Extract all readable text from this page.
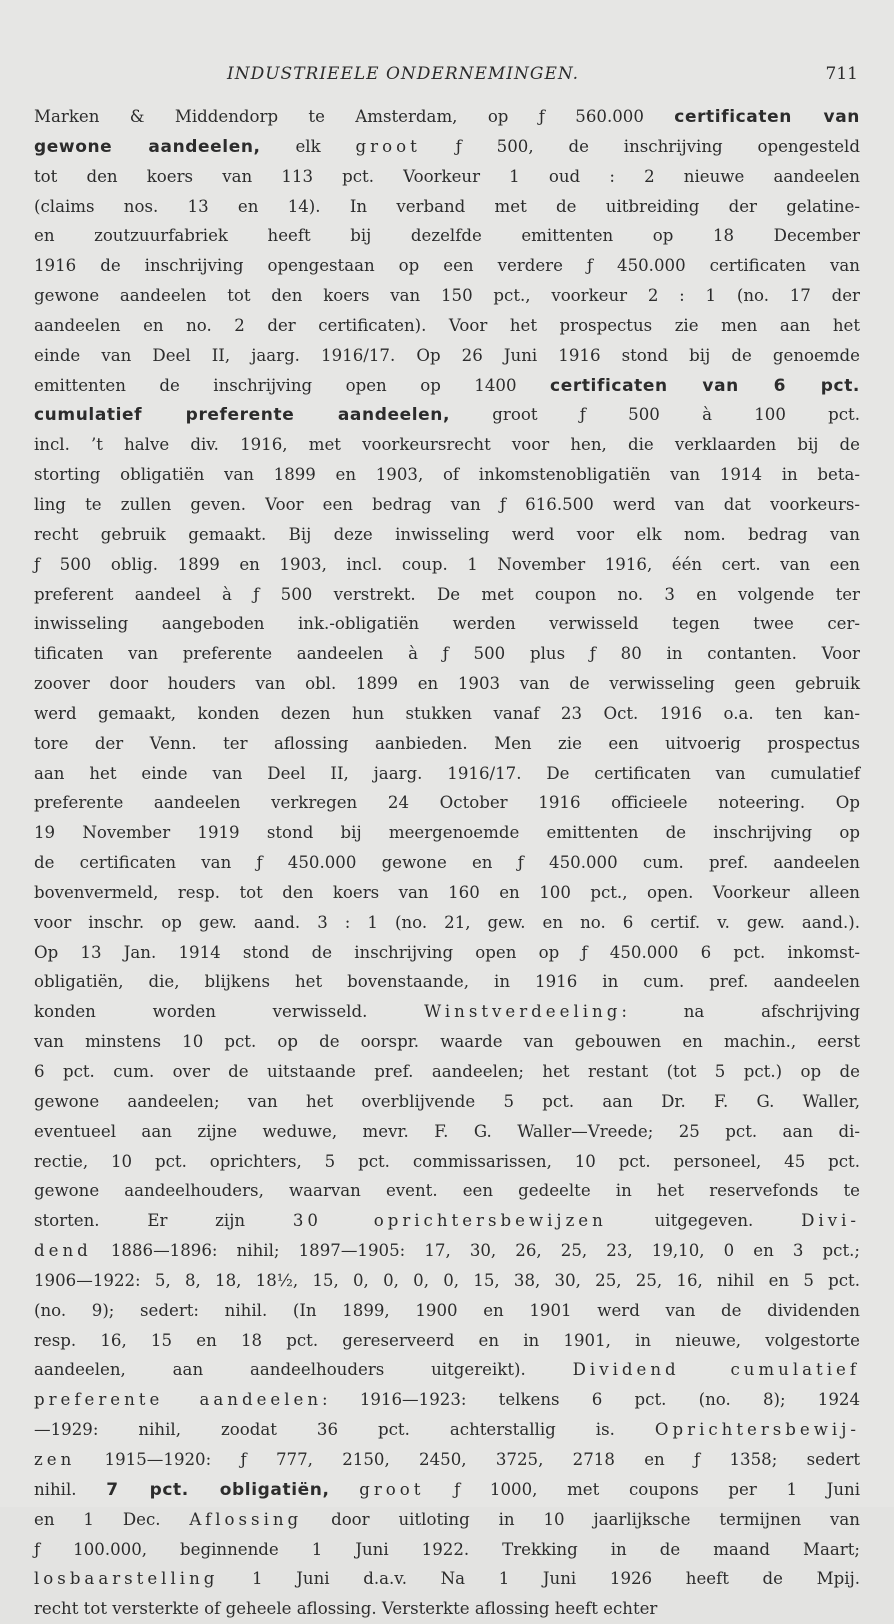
INDUSTRIEELE ONDERNEMINGEN.	711
Marken & Middendorp te Amsterdam, op ƒ 560.000 certificaten van
gewone aandeelen, elk groot ƒ 500, de inschrijving opengesteld
tot den koers van 113 pct. Voorkeur 1 oud : 2 nieuwe aandeelen
(claims nos. 13 en 14). In verband met de uitbreiding der gelatine-
en zoutzuurfabriek heeft bij dezelfde emittenten op 18 December
1916 de inschrijving opengestaan op een verdere ƒ 450.000 certificaten van
gewone aandeelen tot den koers van 150 pct., voorkeur 2 : 1 (no. 17 der
aandeelen en no. 2 der certificaten). Voor het prospectus zie men aan het
einde van Deel II, jaarg. 1916/17. Op 26 Juni 1916 stond bij de genoemde
emittenten de inschrijving open op 1400 certificaten van 6 pct.
cumulatief preferente aandeelen, groot ƒ 500 à 100 pct.
incl. ’t halve div. 1916, met voorkeursrecht voor hen, die verklaarden bij de
storting obligatiën van 1899 en 1903, of inkomstenobligatiën van 1914 in beta-
ling te zullen geven. Voor een bedrag van ƒ 616.500 werd van dat voorkeurs-
recht gebruik gemaakt. Bij deze inwisseling werd voor elk nom. bedrag van
ƒ 500 oblig. 1899 en 1903, incl. coup. 1 November 1916, één cert. van een
preferent aandeel à ƒ 500 verstrekt. De met coupon no. 3 en volgende ter
inwisseling aangeboden ink.-obligatiën werden verwisseld tegen twee cer-
tificaten van preferente aandeelen à ƒ 500 plus ƒ 80 in contanten. Voor
zoover door houders van obl. 1899 en 1903 van de verwisseling geen gebruik
werd gemaakt, konden dezen hun stukken vanaf 23 Oct. 1916 o.a. ten kan-
tore der Venn. ter aflossing aanbieden. Men zie een uitvoerig prospectus
aan het einde van Deel II, jaarg. 1916/17. De certificaten van cumulatief
preferente aandeelen verkregen 24 October 1916 officieele noteering. Op
19 November 1919 stond bij meergenoemde emittenten de inschrijving op
de certificaten van ƒ 450.000 gewone en ƒ 450.000 cum. pref. aandeelen
bovenvermeld, resp. tot den koers van 160 en 100 pct., open. Voorkeur alleen
voor inschr. op gew. aand. 3 : 1 (no. 21, gew. en no. 6 certif. v. gew. aand.).
Op 13 Jan. 1914 stond de inschrijving open op ƒ 450.000 6 pct. inkomst-
obligatiën, die, blijkens het bovenstaande, in 1916 in cum. pref. aandeelen
konden worden verwisseld. Winstverdeeling: na afschrijving
van minstens 10 pct. op de oorspr. waarde van gebouwen en machin., eerst
6 pct. cum. over de uitstaande pref. aandeelen; het restant (tot 5 pct.) op de
gewone aandeelen; van het overblijvende 5 pct. aan Dr. F. G. Waller,
eventueel aan zijne weduwe, mevr. F. G. Waller—Vreede; 25 pct. aan di-
rectie, 10 pct. oprichters, 5 pct. commissarissen, 10 pct. personeel, 45 pct.
gewone aandeelhouders, waarvan event. een gedeelte in het reservefonds te
storten. Er zijn 30 oprichtersbewijzen uitgegeven. Divi-
dend 1886—1896: nihil; 1897—1905: 17, 30, 26, 25, 23, 19,10, 0 en 3 pct.;
1906—1922: 5, 8, 18, 18½, 15, 0, 0, 0, 0, 15, 38, 30, 25, 25, 16, nihil en 5 pct.
(no. 9); sedert: nihil. (In 1899, 1900 en 1901 werd van de dividenden
resp. 16, 15 en 18 pct. gereserveerd en in 1901, in nieuwe, volgestorte
aandeelen, aan aandeelhouders uitgereikt). Dividend cumulatief
preferente aandeelen: 1916—1923: telkens 6 pct. (no. 8); 1924
—1929: nihil, zoodat 36 pct. achterstallig is. Oprichtersbewij-
zen 1915—1920: ƒ 777, 2150, 2450, 3725, 2718 en ƒ 1358; sedert
nihil. 7 pct. obligatiën, groot ƒ 1000, met coupons per 1 Juni
en 1 Dec. Aflossing door uitloting in 10 jaarlijksche termijnen van
ƒ 100.000, beginnende 1 Juni 1922. Trekking in de maand Maart;
losbaarstelling 1 Juni d.a.v. Na 1 Juni 1926 heeft de Mpij.
recht tot versterkte of geheele aflossing. Versterkte aflossing heeft echter
